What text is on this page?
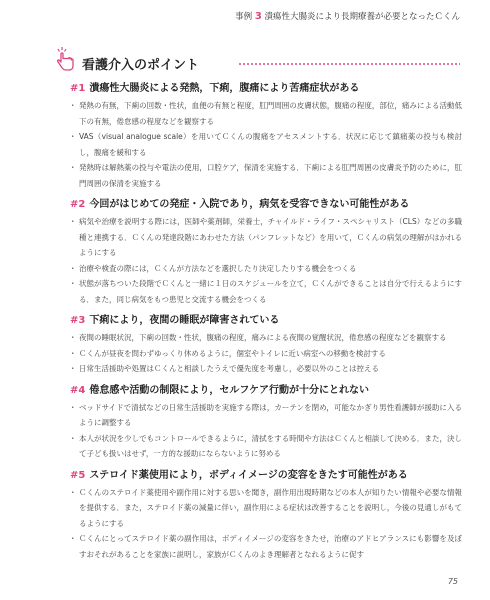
事例 3 潰瘍性大腸炎により長期療養が必要となったＣくん
看護介入のポイント
#1 潰瘍性大腸炎による発熱，下痢，腹痛により苦痛症状がある
・ 発熱の有無，下痢の回数・性状，血便の有無と程度，肛門周囲の皮膚状態，腹痛の程度，部位，痛みによる活動低下の有無，倦怠感の程度などを観察する
・ VAS（visual analogue scale）を用いてＣくんの腹痛をアセスメントする．状況に応じて鎮痛薬の投与も検討し，腹痛を緩和する
・ 発熱時は解熱薬の投与や電法の使用，口腔ケア，保清を実施する．下痢による肛門周囲の皮膚炎予防のために，肛門周囲の保清を実施する
#2 今回がはじめての発症・入院であり，病気を受容できない可能性がある
・ 病気や治療を説明する際には，医師や薬剤師，栄養士，チャイルド・ライフ・スペシャリスト（CLS）などの多職種と連携する．Ｃくんの発達段階にあわせた方法（パンフレットなど）を用いて，Ｃくんの病気の理解がはかれるようにする
・ 治療や検査の際には，Ｃくんが方法などを選択したり決定したりする機会をつくる
・ 状態が落ちついた段階でＣくんと一緒に１日のスケジュールを立て，Ｃくんができることは自分で行えるようにする．また，同じ病気をもつ患児と交流する機会をつくる
#3 下痢により，夜間の睡眠が障害されている
・ 夜間の睡眠状況，下痢の回数・性状，腹痛の程度，痛みによる夜間の覚醒状況，倦怠感の程度などを観察する
・ Ｃくんが昼夜を問わずゆっくり休めるように，個室やトイレに近い病室への移動を検討する
・ 日常生活援助や処置はＣくんと相談したうえで優先度を考慮し，必要以外のことは控える
#4 倦怠感や活動の制限により，セルフケア行動が十分にとれない
・ ベッドサイドで清拭などの日常生活援助を実施する際は，カーテンを閉め，可能なかぎり男性看護師が援助に入るように調整する
・ 本人が状況を少しでもコントロールできるように，清拭をする時間や方法はＣくんと相談して決める．また，決して子ども扱いはせず，一方的な援助にならないように努める
#5 ステロイド薬使用により，ボディイメージの変容をきたす可能性がある
・ Ｃくんのステロイド薬使用や副作用に対する思いを聞き，副作用出現時期などの本人が知りたい情報や必要な情報を提供する．また，ステロイド薬の減量に伴い，副作用による症状は改善することを説明し，今後の見通しがもてるようにする
・ Ｃくんにとってステロイド薬の副作用は，ボディイメージの変容をきたせ，治療のアドヒアランスにも影響を及ぼすおそれがあることを家族に説明し，家族がＣくんのよき理解者となれるように促す
75
